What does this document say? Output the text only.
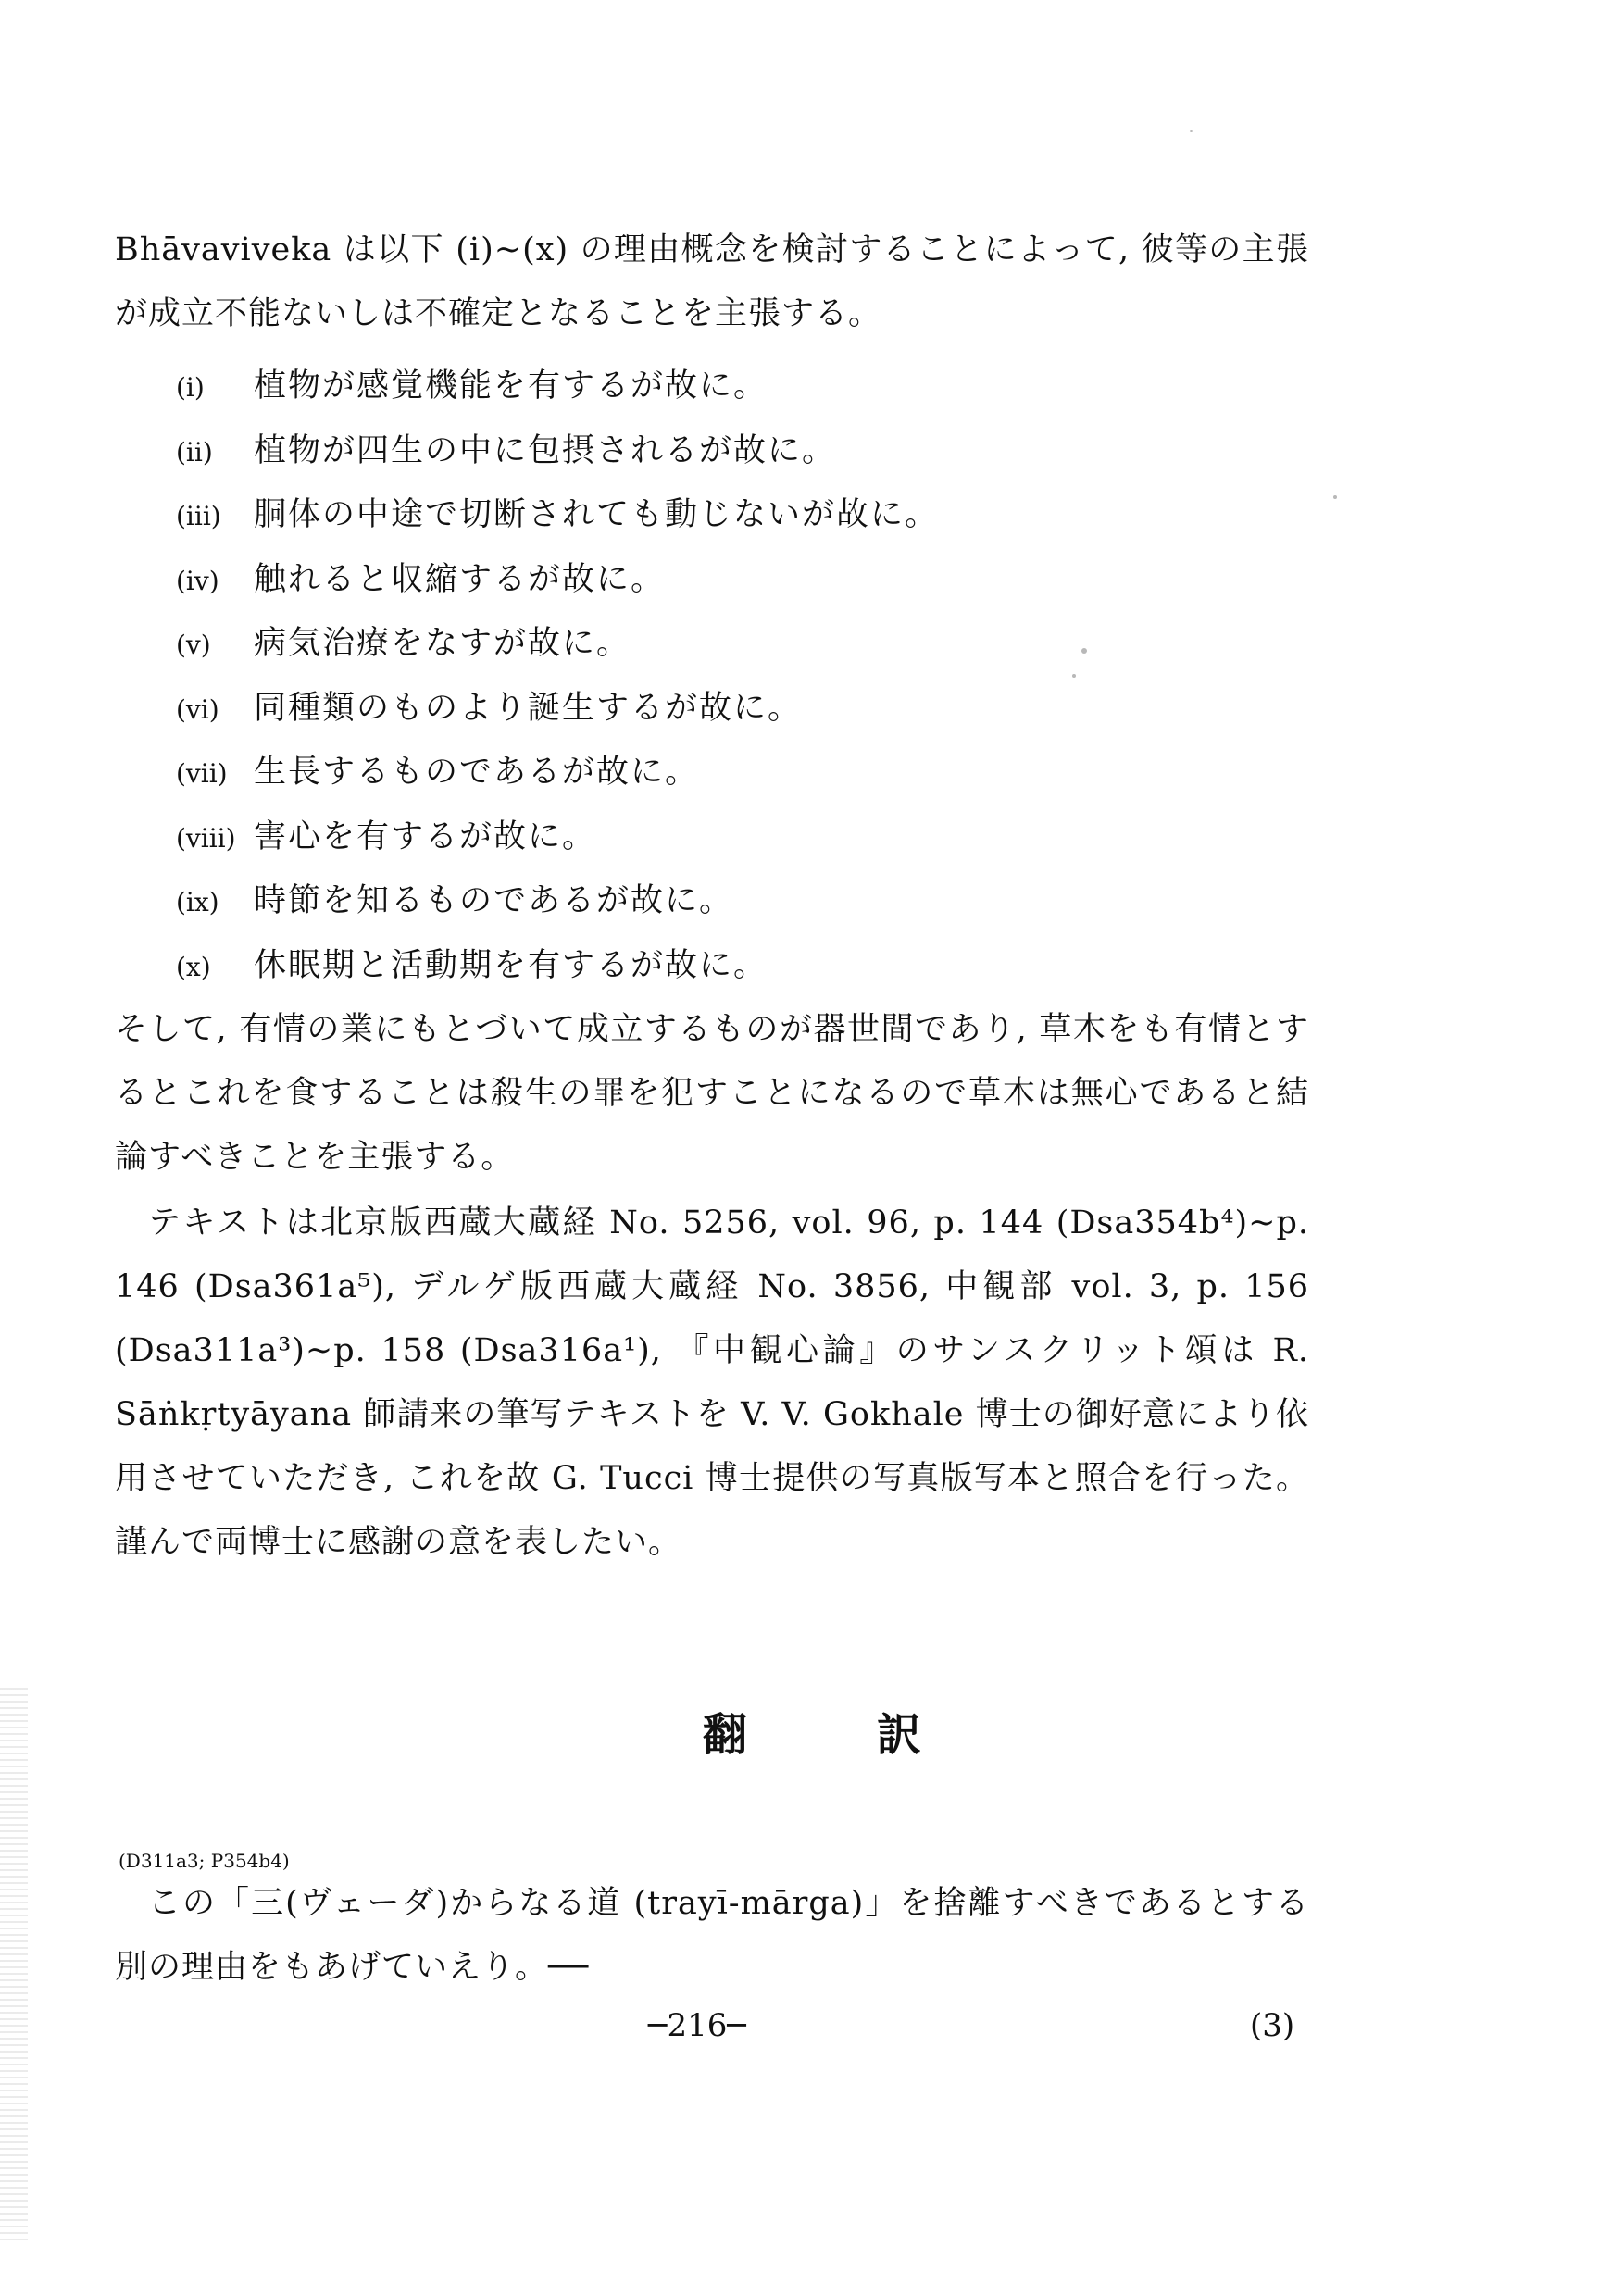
Bhāvaviveka は以下 (i)~(x) の理由概念を検討することによって, 彼等の主張が成立不能ないしは不確定となることを主張する。

(i) 植物が感覚機能を有するが故に。
(ii) 植物が四生の中に包摂されるが故に。
(iii) 胴体の中途で切断されても動じないが故に。
(iv) 触れると収縮するが故に。
(v) 病気治療をなすが故に。
(vi) 同種類のものより誕生するが故に。
(vii) 生長するものであるが故に。
(viii) 害心を有するが故に。
(ix) 時節を知るものであるが故に。
(x) 休眠期と活動期を有するが故に。

そして, 有情の業にもとづいて成立するものが器世間であり, 草木をも有情とするとこれを食することは殺生の罪を犯すことになるので草木は無心であると結論すべきことを主張する。

テキストは北京版西蔵大蔵経 No. 5256, vol. 96, p. 144 (Dsa354b⁴)~p. 146 (Dsa361a⁵), デルゲ版西蔵大蔵経 No. 3856, 中観部 vol. 3, p. 156 (Dsa311a³)~p. 158 (Dsa316a¹), 『中観心論』のサンスクリット頌は R. Sāṅkṛtyāyana 師請来の筆写テキストを V. V. Gokhale 博士の御好意により依用させていただき, これを故 G. Tucci 博士提供の写真版写本と照合を行った。謹んで両博士に感謝の意を表したい。

翻訳
(D311a3; P354b4)

この「三(ヴェーダ)からなる道 (trayī-mārga)」を捨離すべきであるとする別の理由をもあげていえり。──

─216─	(3)
